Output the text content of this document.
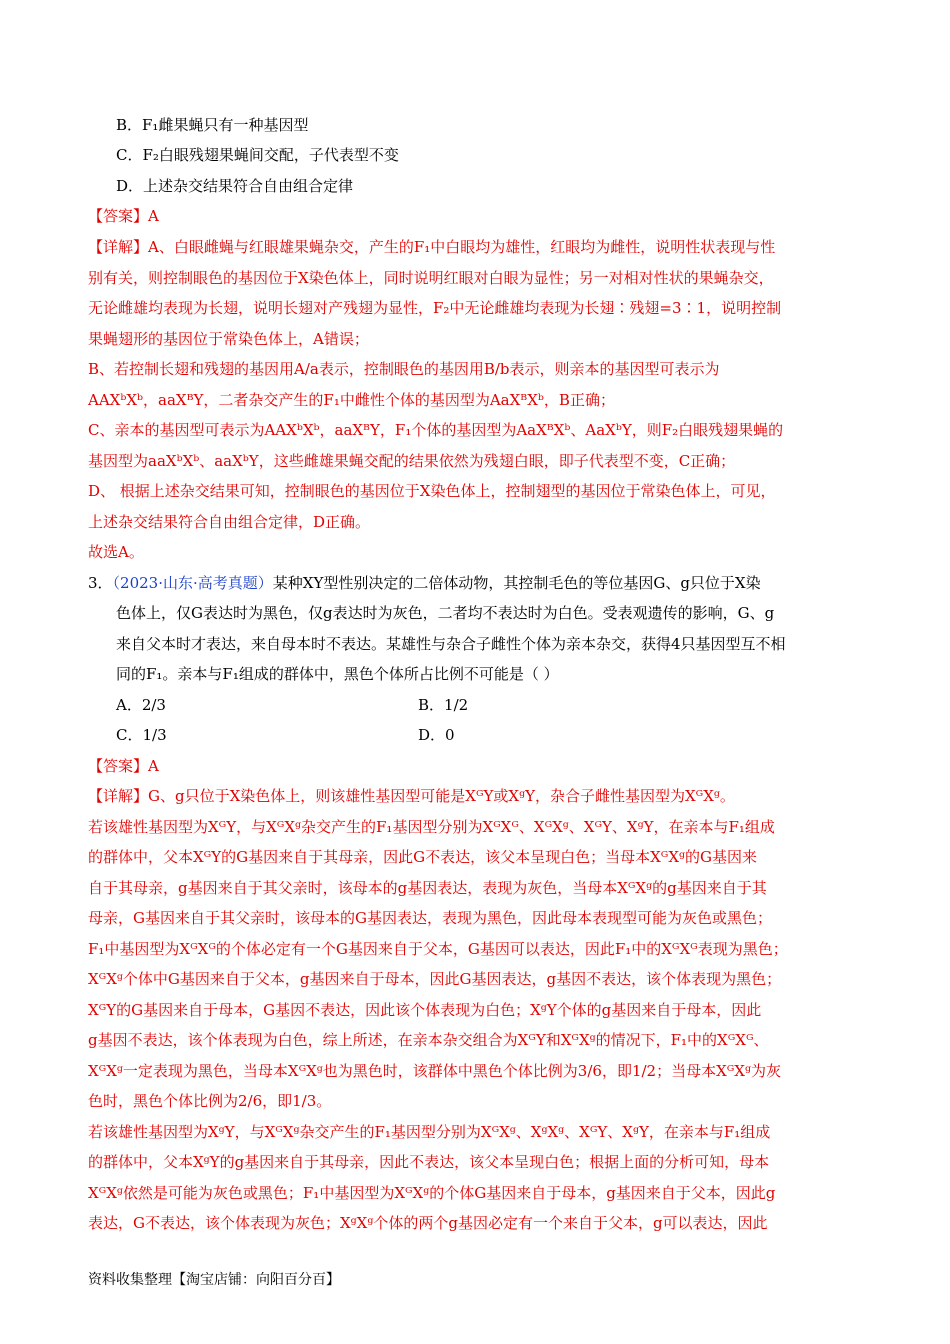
B．F₁雌果蝇只有一种基因型
C．F₂白眼残翅果蝇间交配，子代表型不变
D．上述杂交结果符合自由组合定律
【答案】A
【详解】A、白眼雌蝇与红眼雄果蝇杂交，产生的F₁中白眼均为雄性，红眼均为雌性，说明性状表现与性
别有关，则控制眼色的基因位于X染色体上，同时说明红眼对白眼为显性；另一对相对性状的果蝇杂交，
无论雌雄均表现为长翅，说明长翅对产残翅为显性，F₂中无论雌雄均表现为长翅∶残翅=3∶1，说明控制
果蝇翅形的基因位于常染色体上，A错误；
B、若控制长翅和残翅的基因用A/a表示，控制眼色的基因用B/b表示，则亲本的基因型可表示为
AAXᵇXᵇ，aaXᴮY，二者杂交产生的F₁中雌性个体的基因型为AaXᴮXᵇ，B正确；
C、亲本的基因型可表示为AAXᵇXᵇ，aaXᴮY，F₁个体的基因型为AaXᴮXᵇ、AaXᵇY，则F₂白眼残翅果蝇的
基因型为aaXᵇXᵇ、aaXᵇY，这些雌雄果蝇交配的结果依然为残翅白眼，即子代表型不变，C正确；
D、 根据上述杂交结果可知，控制眼色的基因位于X染色体上，控制翅型的基因位于常染色体上，可见，
上述杂交结果符合自由组合定律，D正确。
故选A。
3．（2023·山东·高考真题）某种XY型性别决定的二倍体动物，其控制毛色的等位基因G、g只位于X染
色体上，仅G表达时为黑色，仅g表达时为灰色，二者均不表达时为白色。受表观遗传的影响，G、g
来自父本时才表达，来自母本时不表达。某雄性与杂合子雌性个体为亲本杂交，获得4只基因型互不相
同的F₁。亲本与F₁组成的群体中，黑色个体所占比例不可能是（ ）
A．2/3	B．1/2
C．1/3	D．0
【答案】A
【详解】G、g只位于X染色体上，则该雄性基因型可能是XᴳY或XᵍY，杂合子雌性基因型为XᴳXᵍ。
若该雄性基因型为XᴳY，与XᴳXᵍ杂交产生的F₁基因型分别为XᴳXᴳ、XᴳXᵍ、XᴳY、XᵍY，在亲本与F₁组成
的群体中，父本XᴳY的G基因来自于其母亲，因此G不表达，该父本呈现白色；当母本XᴳXᵍ的G基因来
自于其母亲，g基因来自于其父亲时，该母本的g基因表达，表现为灰色，当母本XᴳXᵍ的g基因来自于其
母亲，G基因来自于其父亲时，该母本的G基因表达，表现为黑色，因此母本表现型可能为灰色或黑色；
F₁中基因型为XᴳXᴳ的个体必定有一个G基因来自于父本，G基因可以表达，因此F₁中的XᴳXᴳ表现为黑色；
XᴳXᵍ个体中G基因来自于父本，g基因来自于母本，因此G基因表达，g基因不表达，该个体表现为黑色；
XᴳY的G基因来自于母本，G基因不表达，因此该个体表现为白色；XᵍY个体的g基因来自于母本，因此
g基因不表达，该个体表现为白色，综上所述，在亲本杂交组合为XᴳY和XᴳXᵍ的情况下，F₁中的XᴳXᴳ、
XᴳXᵍ一定表现为黑色，当母本XᴳXᵍ也为黑色时，该群体中黑色个体比例为3/6，即1/2；当母本XᴳXᵍ为灰
色时，黑色个体比例为2/6，即1/3。
若该雄性基因型为XᵍY，与XᴳXᵍ杂交产生的F₁基因型分别为XᴳXᵍ、XᵍXᵍ、XᴳY、XᵍY，在亲本与F₁组成
的群体中，父本XᵍY的g基因来自于其母亲，因此不表达，该父本呈现白色；根据上面的分析可知，母本
XᴳXᵍ依然是可能为灰色或黑色；F₁中基因型为XᴳXᵍ的个体G基因来自于母本，g基因来自于父本，因此g
表达，G不表达，该个体表现为灰色；XᵍXᵍ个体的两个g基因必定有一个来自于父本，g可以表达，因此
资料收集整理【淘宝店铺：向阳百分百】
